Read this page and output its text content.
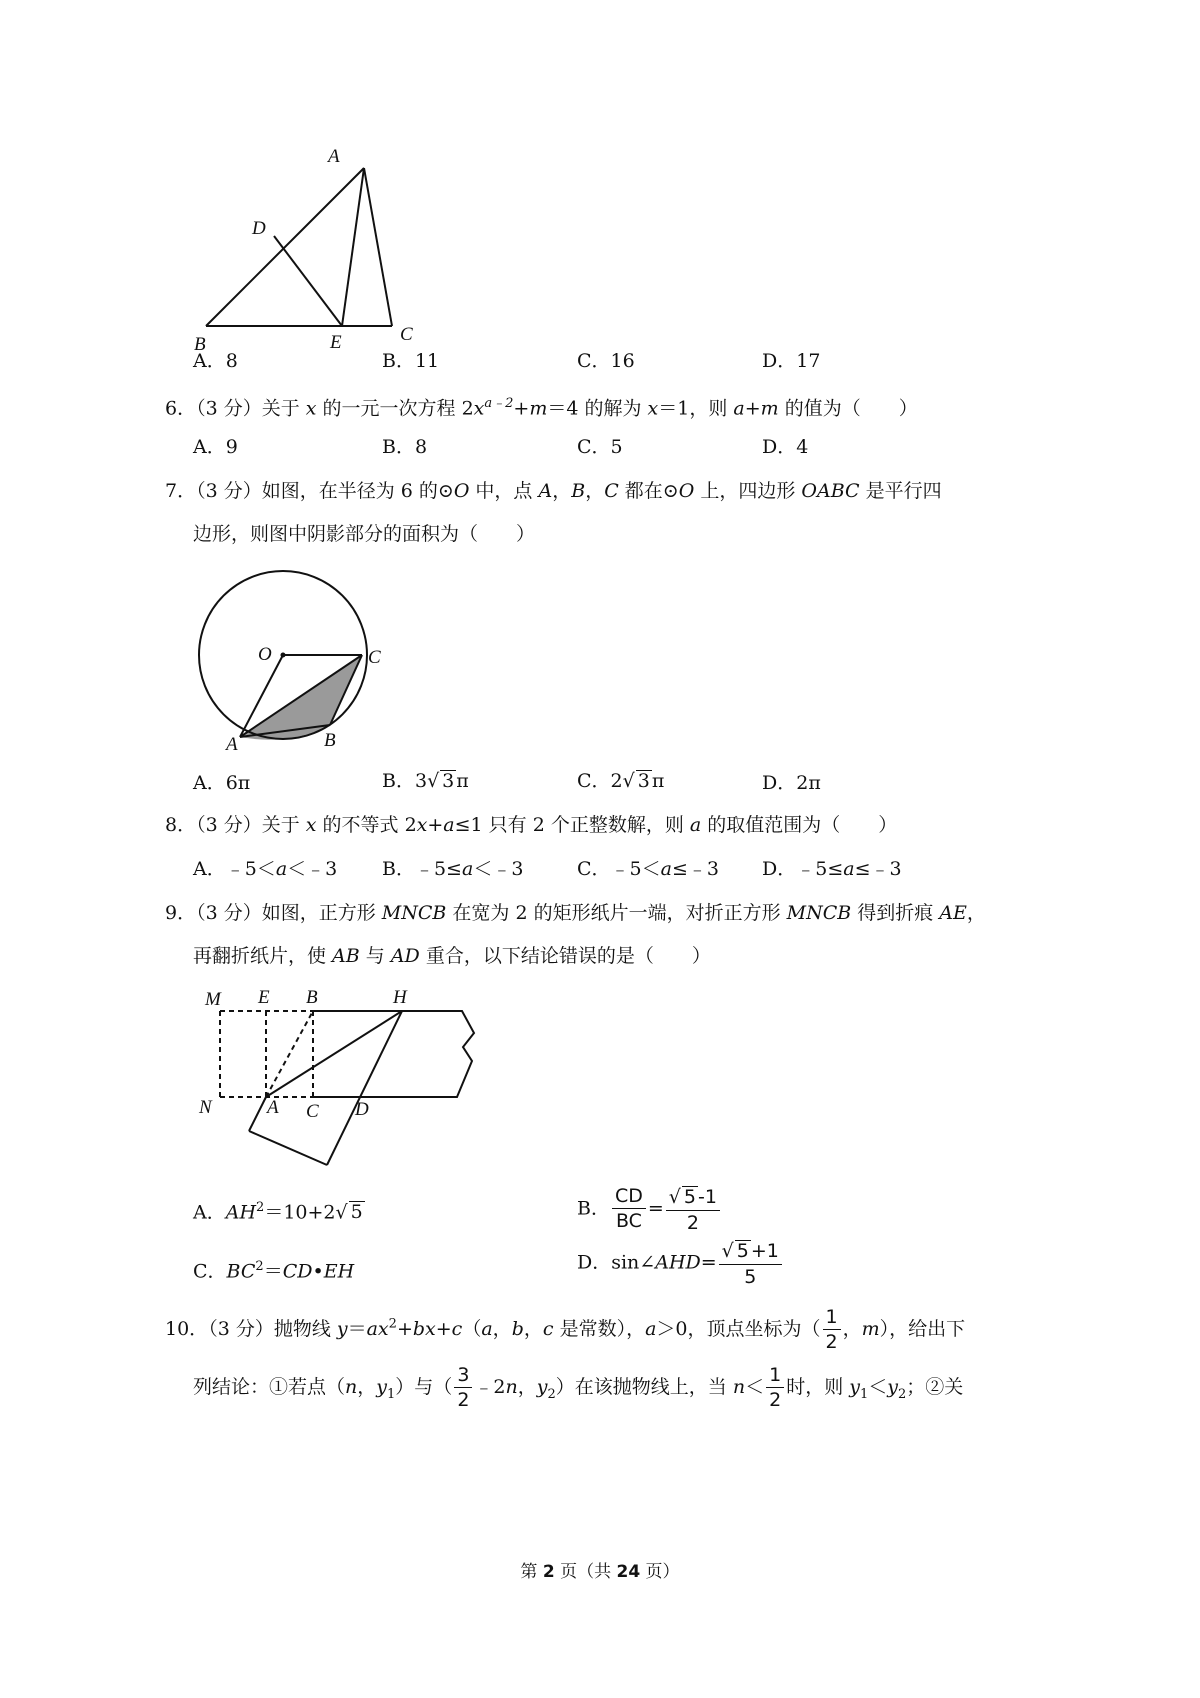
A
D
B	E	C
A．8	B．11	C．16	D．17
6．（3 分）关于 x 的一元一次方程 $2x^{a﹣2}+m=4$ 的解为 x＝1，则 a+m 的值为（　　）
A．9	B．8	C．5	D．4
7．（3 分）如图，在半径为 6 的⊙O 中，点 A，B，C 都在⊙O 上，四边形 OABC 是平行四
边形，则图中阴影部分的面积为（　　）
O	C
A	B
A．6π	B．3√ 3 π	C．2√ 3 π	D．2π
8．（3 分）关于 x 的不等式 2x+a≤1 只有 2 个正整数解，则 a 的取值范围为（　　）
A．﹣5＜a＜﹣3 B．﹣5≤a＜﹣3	C．﹣5＜a≤﹣3 D．﹣5≤a≤﹣3
9．（3 分）如图，正方形 MNCB 在宽为 2 的矩形纸片一端，对折正方形 MNCB 得到折痕 AE，
再翻折纸片，使 AB 与 AD 重合，以下结论错误的是（　　）
M E B	H
N	A C D
A．$AH^2=10+2√$ 5	B． $\frac{CD}{BC} = \frac{√ 5 -1}{2}$
C．$BC^2=CD•EH$	D．sin∠AHD= $\frac{√ 5 +1}{5}$
10．（3 分）抛物线 $y=ax^2+bx+c(a$，b，c 是常数），a＞0，顶点坐标为（ $\frac{1}{2}$ ，m），给出下
列结论：①若点（n，$y_1$）与（ $\frac{3}{2}$ ﹣2n，$y_2$）在该抛物线上，当 $n< \frac{1}{2}$ 时，则 $y_1<y_2$；②关
第 2 页（共 24 页）
